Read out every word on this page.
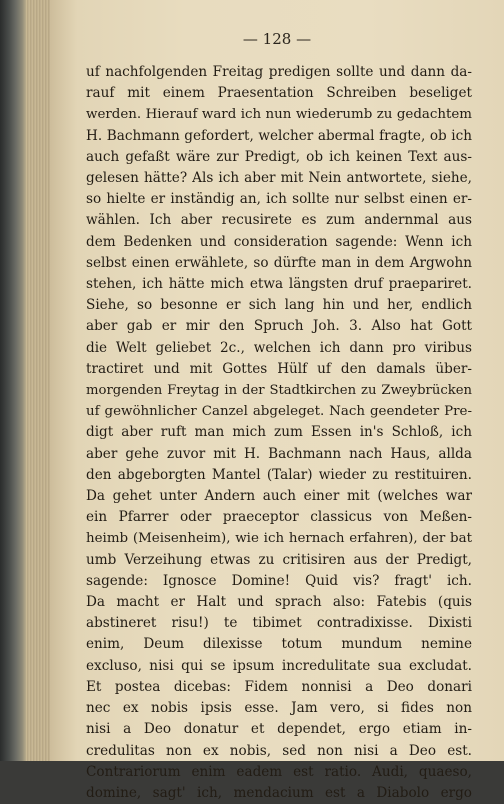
— 128 —
uf nachfolgenden Freitag predigen sollte und dann da-
rauf mit einem Praesentation Schreiben beseliget
werden. Hierauf ward ich nun wiederumb zu gedachtem
H. Bachmann gefordert, welcher abermal fragte, ob ich
auch gefaßt wäre zur Predigt, ob ich keinen Text aus-
gelesen hätte? Als ich aber mit Nein antwortete, siehe,
so hielte er inständig an, ich sollte nur selbst einen er-
wählen. Ich aber recusirete es zum andernmal aus
dem Bedenken und consideration sagende: Wenn ich
selbst einen erwählete, so dürfte man in dem Argwohn
stehen, ich hätte mich etwa längsten druf praepariret.
Siehe, so besonne er sich lang hin und her, endlich
aber gab er mir den Spruch Joh. 3. Also hat Gott
die Welt geliebet 2c., welchen ich dann pro viribus
tractiret und mit Gottes Hülf uf den damals über-
morgenden Freytag in der Stadtkirchen zu Zweybrücken
uf gewöhnlicher Canzel abgeleget. Nach geendeter Pre-
digt aber ruft man mich zum Essen in's Schloß, ich
aber gehe zuvor mit H. Bachmann nach Haus, allda
den abgeborgten Mantel (Talar) wieder zu restituiren.
Da gehet unter Andern auch einer mit (welches war
ein Pfarrer oder praeceptor classicus von Meßen-
heimb (Meisenheim), wie ich hernach erfahren), der bat
umb Verzeihung etwas zu critisiren aus der Predigt,
sagende: Ignosce Domine! Quid vis? fragt' ich.
Da macht er Halt und sprach also: Fatebis (quis
abstineret risu!) te tibimet contradixisse. Dixisti
enim, Deum dilexisse totum mundum nemine
excluso, nisi qui se ipsum incredulitate sua excludat.
Et postea dicebas: Fidem nonnisi a Deo donari
nec ex nobis ipsis esse. Jam vero, si fides non
nisi a Deo donatur et dependet, ergo etiam in-
credulitas non ex nobis, sed non nisi a Deo est.
Contrariorum enim eadem est ratio. Audi, quaeso,
domine, sagt' ich, mendacium est a Diabolo ergo
